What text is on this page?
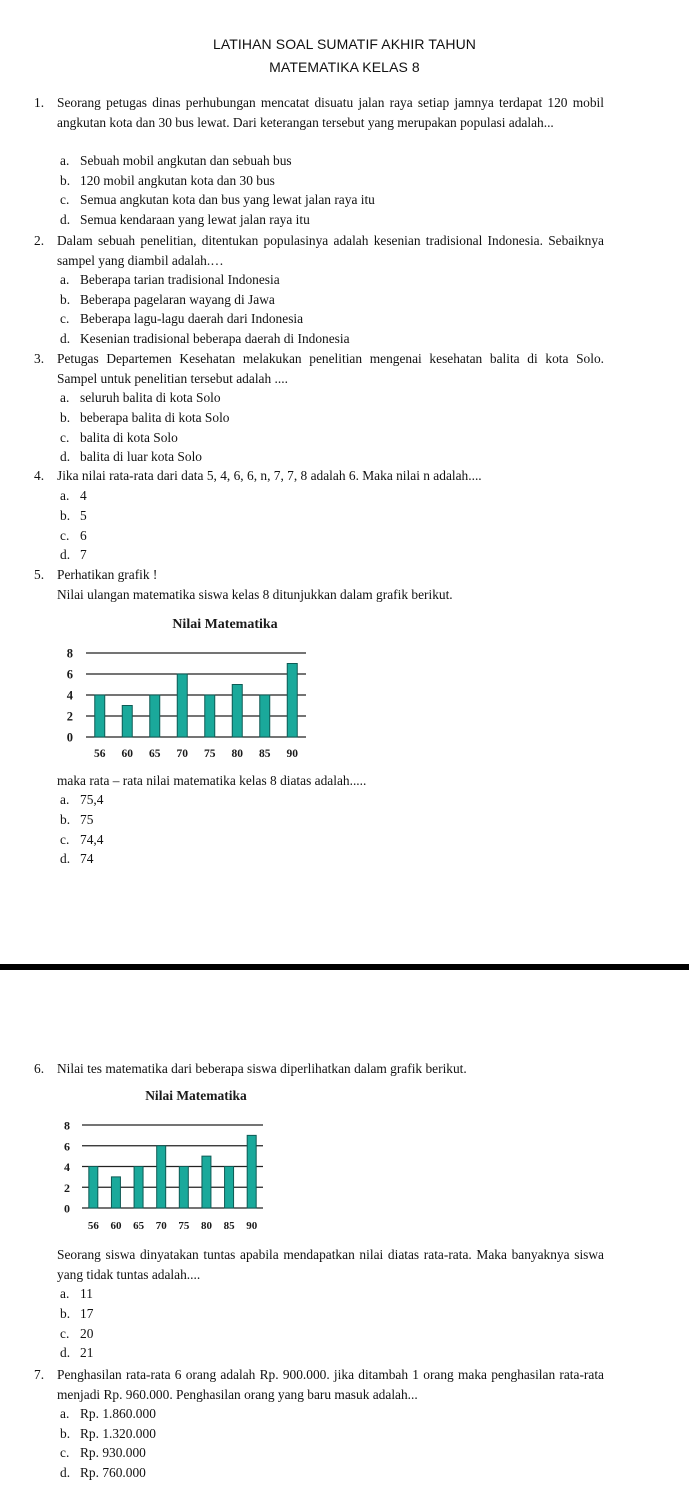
LATIHAN SOAL SUMATIF AKHIR TAHUN
MATEMATIKA KELAS 8
1. Seorang petugas dinas perhubungan mencatat disuatu jalan raya setiap jamnya terdapat 120 mobil angkutan kota dan 30 bus lewat. Dari keterangan tersebut yang merupakan populasi adalah...
a. Sebuah mobil angkutan dan sebuah bus
b. 120 mobil angkutan kota dan 30 bus
c. Semua angkutan kota dan bus yang lewat jalan raya itu
d. Semua kendaraan yang lewat jalan raya itu
2. Dalam sebuah penelitian, ditentukan populasinya adalah kesenian tradisional Indonesia. Sebaiknya sampel yang diambil adalah.…
a. Beberapa tarian tradisional Indonesia
b. Beberapa pagelaran wayang di Jawa
c. Beberapa lagu-lagu daerah dari Indonesia
d. Kesenian tradisional beberapa daerah di Indonesia
3. Petugas Departemen Kesehatan melakukan penelitian mengenai kesehatan balita di kota Solo. Sampel untuk penelitian tersebut adalah ....
a. seluruh balita di kota Solo
b. beberapa balita di kota Solo
c. balita di kota Solo
d. balita di luar kota Solo
4. Jika nilai rata-rata dari data 5, 4, 6, 6, n, 7, 7, 8 adalah 6. Maka nilai n adalah....
a. 4
b. 5
c. 6
d. 7
5. Perhatikan grafik !
Nilai ulangan matematika siswa kelas 8 ditunjukkan dalam grafik berikut.
Nilai Matematika
0
2
4
6
8
56 60 65 70 75 80 85 90
maka rata – rata nilai matematika kelas 8 diatas adalah.....
a. 75,4
b. 75
c. 74,4
d. 74
6. Nilai tes matematika dari beberapa siswa diperlihatkan dalam grafik berikut.
Nilai Matematika
0
2
4
6
8
56 60 65 70 75 80 85 90
Seorang siswa dinyatakan tuntas apabila mendapatkan nilai diatas rata-rata. Maka banyaknya siswa yang tidak tuntas adalah....
a. 11
b. 17
c. 20
d. 21
7. Penghasilan rata-rata 6 orang adalah Rp. 900.000. jika ditambah 1 orang maka penghasilan rata-rata menjadi Rp. 960.000. Penghasilan orang yang baru masuk adalah...
a. Rp. 1.860.000
b. Rp. 1.320.000
c. Rp. 930.000
d. Rp. 760.000
